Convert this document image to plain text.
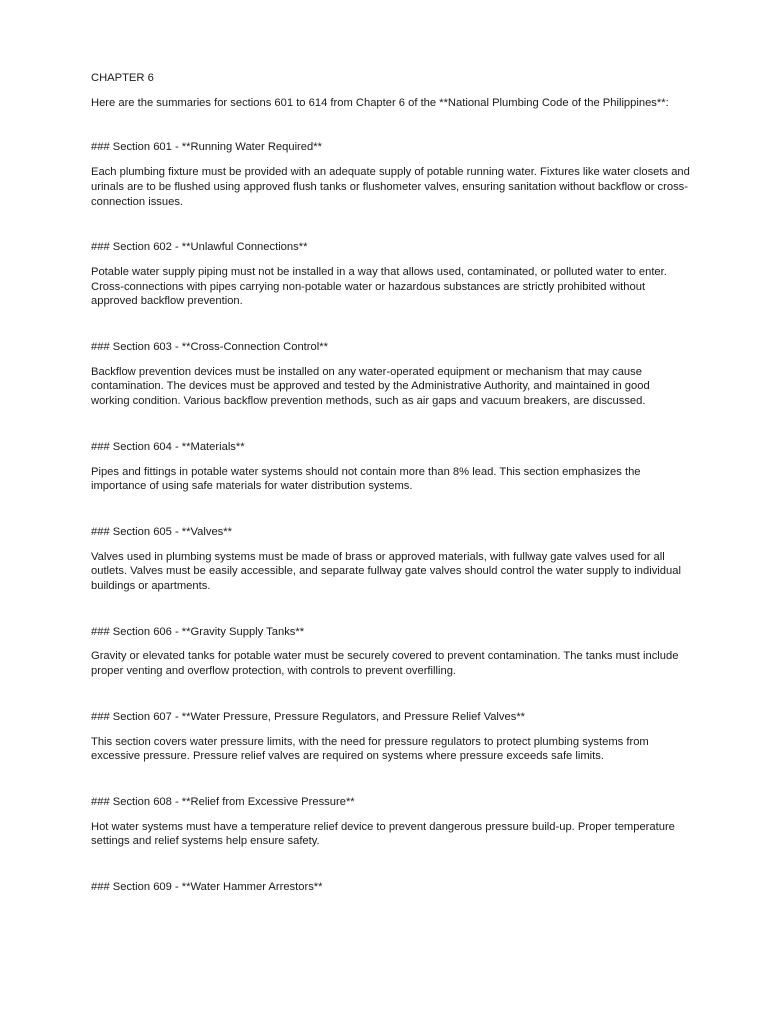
CHAPTER 6

Here are the summaries for sections 601 to 614 from Chapter 6 of the **National Plumbing Code of the Philippines**:

### Section 601 - **Running Water Required**

Each plumbing fixture must be provided with an adequate supply of potable running water. Fixtures like water closets and urinals are to be flushed using approved flush tanks or flushometer valves, ensuring sanitation without backflow or cross-connection issues.

### Section 602 - **Unlawful Connections**

Potable water supply piping must not be installed in a way that allows used, contaminated, or polluted water to enter. Cross-connections with pipes carrying non-potable water or hazardous substances are strictly prohibited without approved backflow prevention.

### Section 603 - **Cross-Connection Control**

Backflow prevention devices must be installed on any water-operated equipment or mechanism that may cause contamination. The devices must be approved and tested by the Administrative Authority, and maintained in good working condition. Various backflow prevention methods, such as air gaps and vacuum breakers, are discussed.

### Section 604 - **Materials**

Pipes and fittings in potable water systems should not contain more than 8% lead. This section emphasizes the importance of using safe materials for water distribution systems.

### Section 605 - **Valves**

Valves used in plumbing systems must be made of brass or approved materials, with fullway gate valves used for all outlets. Valves must be easily accessible, and separate fullway gate valves should control the water supply to individual buildings or apartments.

### Section 606 - **Gravity Supply Tanks**

Gravity or elevated tanks for potable water must be securely covered to prevent contamination. The tanks must include proper venting and overflow protection, with controls to prevent overfilling.

### Section 607 - **Water Pressure, Pressure Regulators, and Pressure Relief Valves**

This section covers water pressure limits, with the need for pressure regulators to protect plumbing systems from excessive pressure. Pressure relief valves are required on systems where pressure exceeds safe limits.

### Section 608 - **Relief from Excessive Pressure**

Hot water systems must have a temperature relief device to prevent dangerous pressure build-up. Proper temperature settings and relief systems help ensure safety.

### Section 609 - **Water Hammer Arrestors**
